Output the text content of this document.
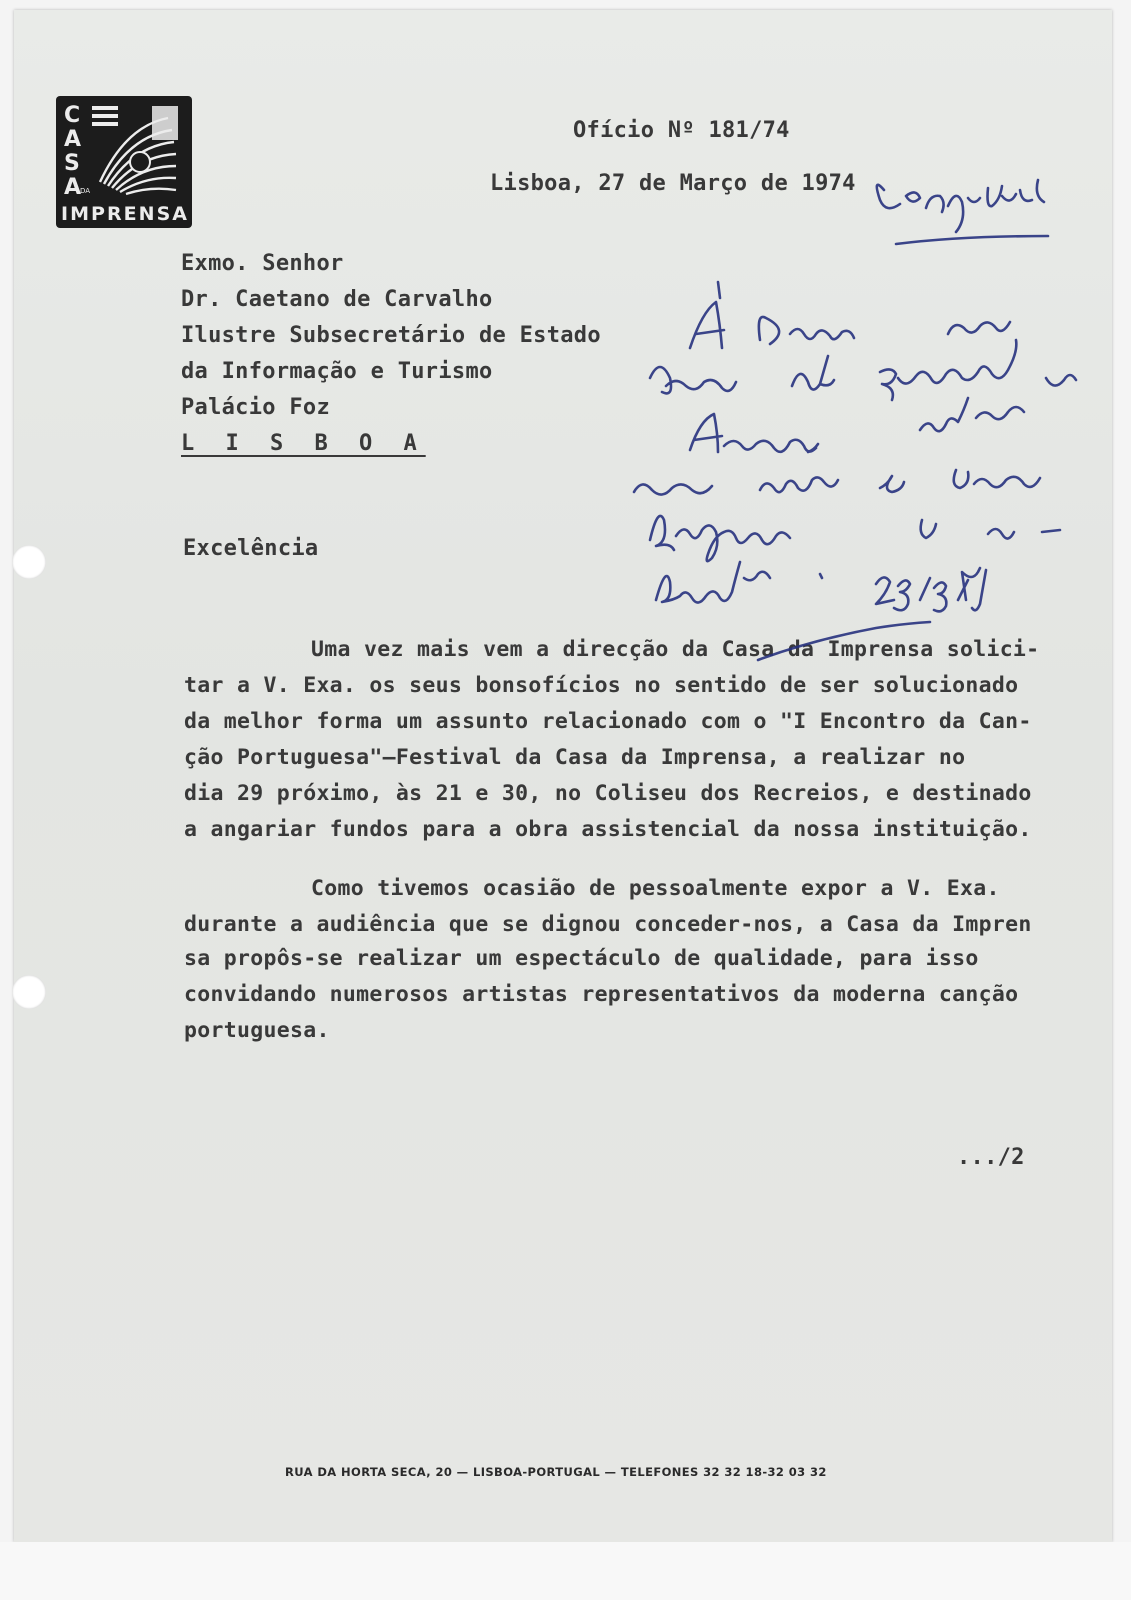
C
A
S
A
DA
IMPRENSA
Ofício Nº 181/74
Lisboa, 27 de Março de 1974
Exmo. Senhor
Dr. Caetano de Carvalho
Ilustre Subsecretário de Estado
da Informação e Turismo
Palácio Foz
L I S B O A
Excelência
Uma vez mais vem a direcção da Casa da Imprensa solici-
tar a V. Exa. os seus bonsofícios no sentido de ser solucionado
da melhor forma um assunto relacionado com o "I Encontro da Can-
ção Portuguesa"—Festival da Casa da Imprensa, a realizar no
dia 29 próximo, às 21 e 30, no Coliseu dos Recreios, e destinado
a angariar fundos para a obra assistencial da nossa instituição.
Como tivemos ocasião de pessoalmente expor a V. Exa.
durante a audiência que se dignou conceder-nos, a Casa da Impren
sa propôs-se realizar um espectáculo de qualidade, para isso
convidando numerosos artistas representativos da moderna canção
portuguesa.
.../2
RUA DA HORTA SECA, 20 — LISBOA-PORTUGAL — TELEFONES 32 32 18-32 03 32
